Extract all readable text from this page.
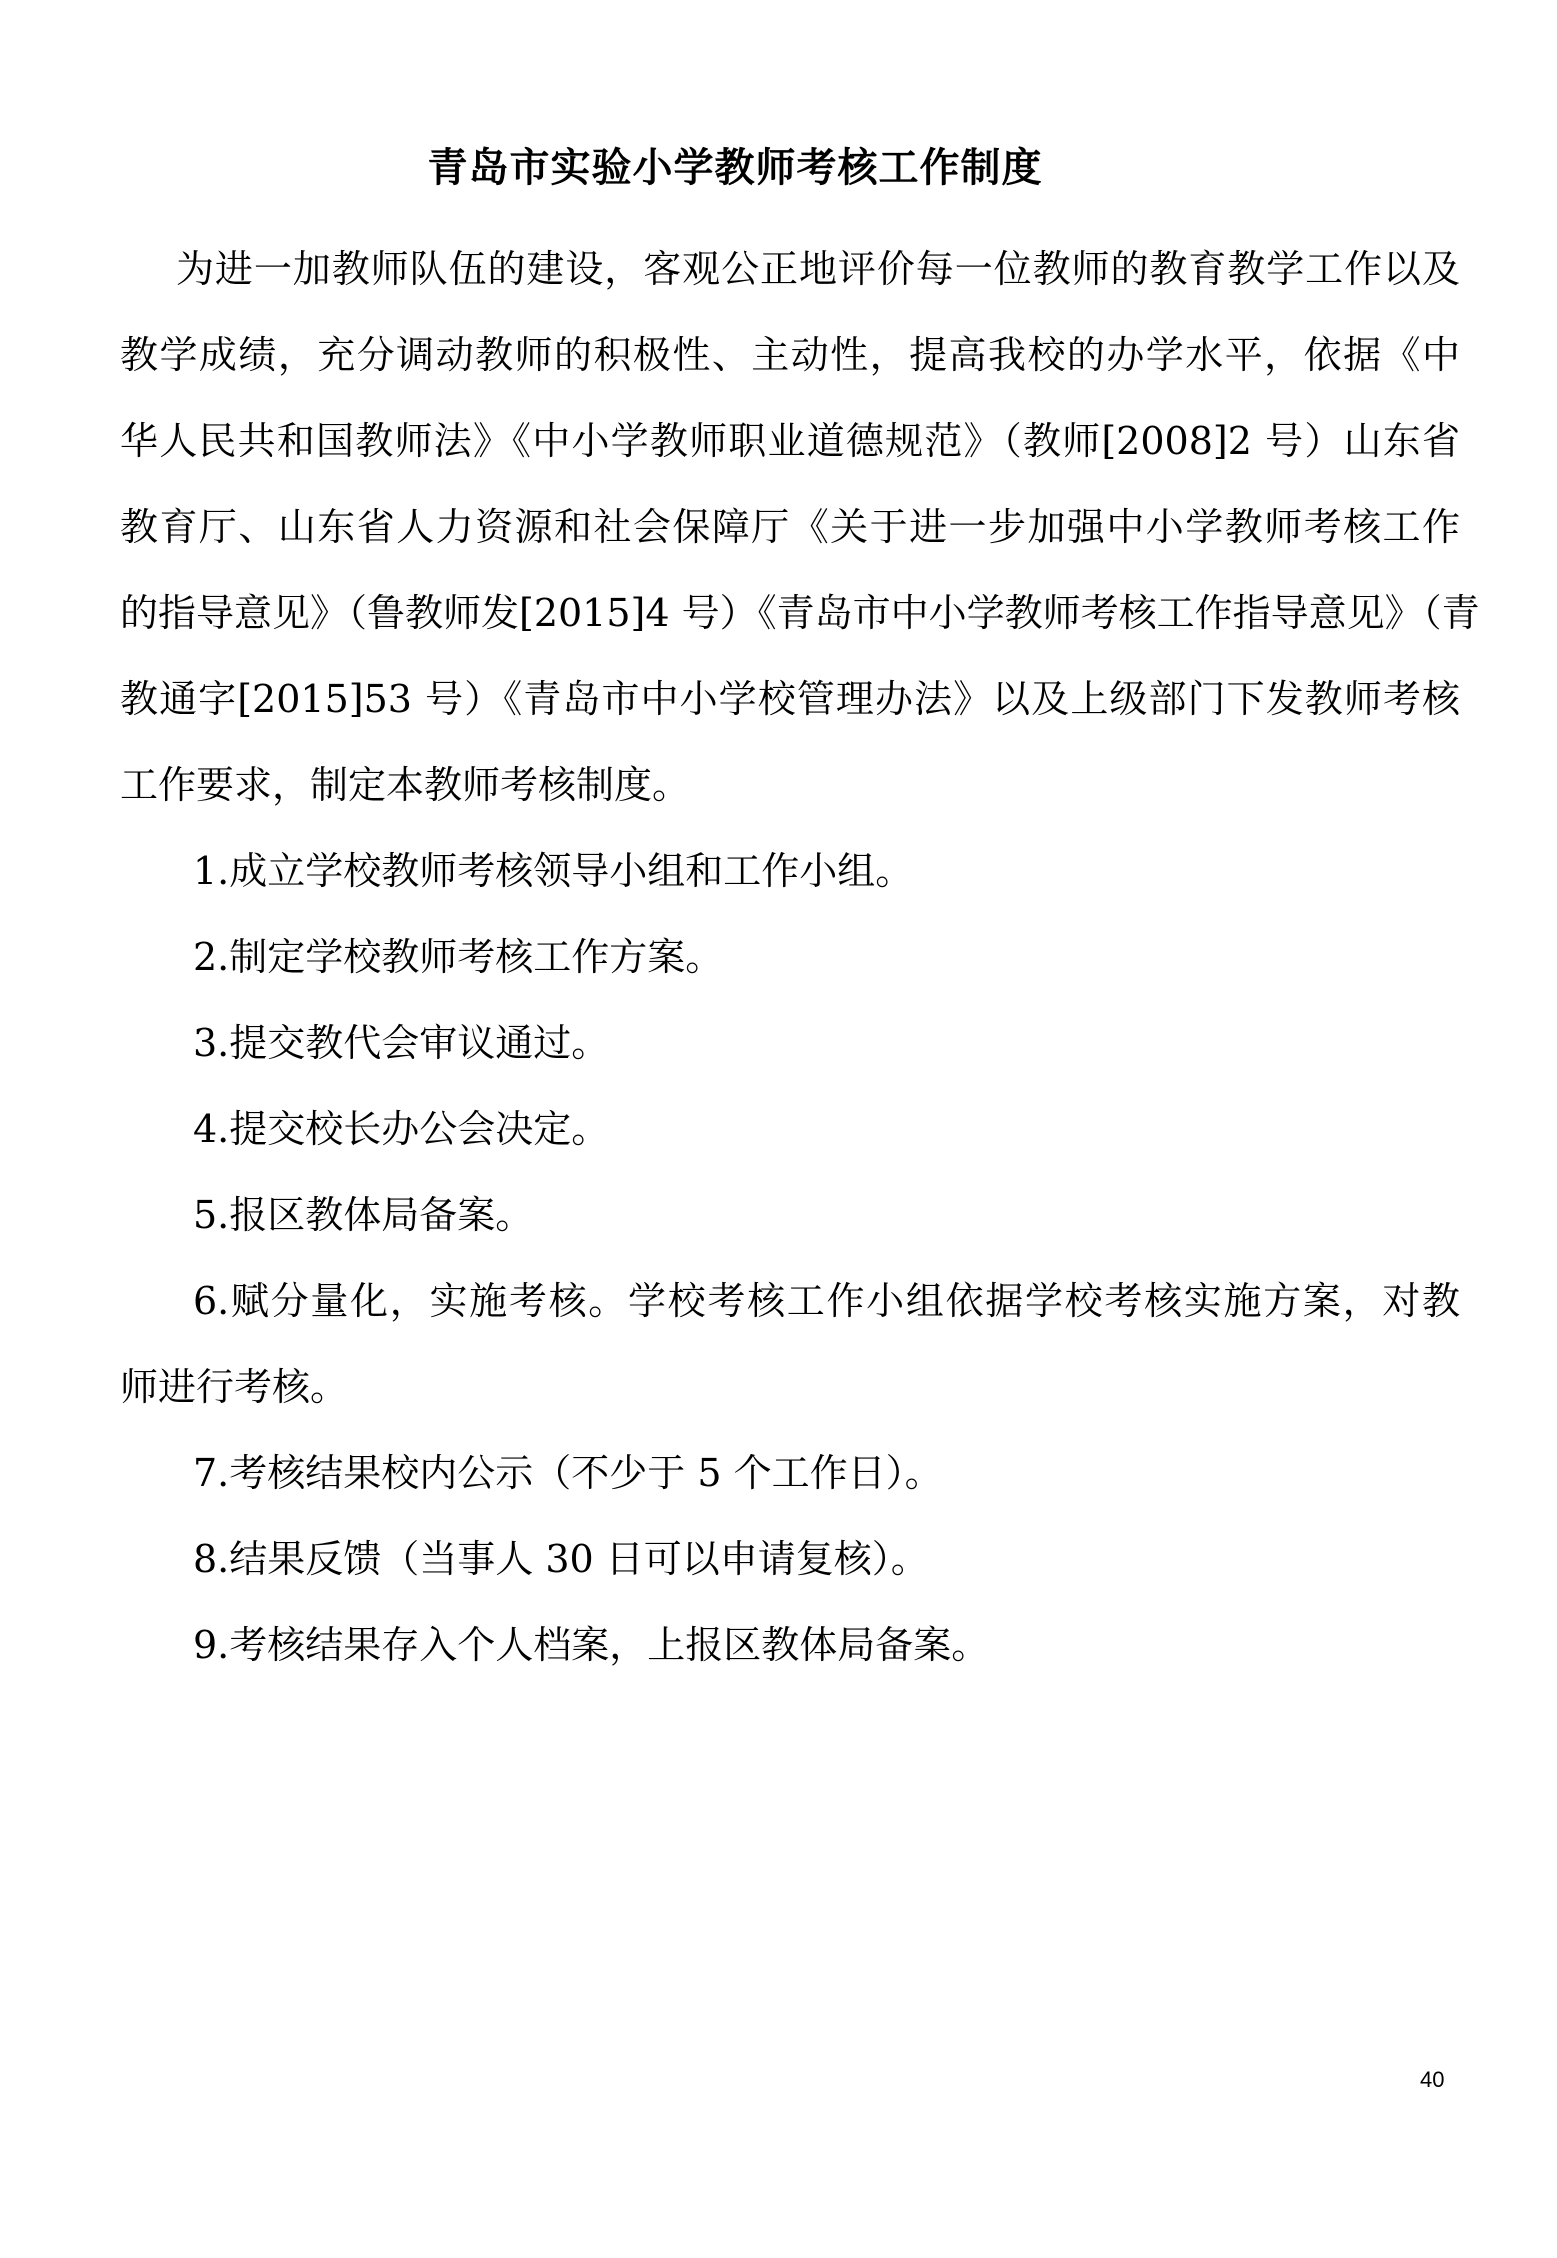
青岛市实验小学教师考核工作制度
为进一加教师队伍的建设，客观公正地评价每一位教师的教育教学工作以及
教学成绩，充分调动教师的积极性、主动性，提高我校的办学水平，依据《中
华人民共和国教师法》《中小学教师职业道德规范》（教师[2008]2 号）山东省
教育厅、山东省人力资源和社会保障厅《关于进一步加强中小学教师考核工作
的指导意见》（鲁教师发[2015]4 号）《青岛市中小学教师考核工作指导意见》（青
教通字[2015]53 号）《青岛市中小学校管理办法》以及上级部门下发教师考核
工作要求，制定本教师考核制度。
1.成立学校教师考核领导小组和工作小组。
2.制定学校教师考核工作方案。
3.提交教代会审议通过。
4.提交校长办公会决定。
5.报区教体局备案。
6.赋分量化，实施考核。学校考核工作小组依据学校考核实施方案，对教
师进行考核。
7.考核结果校内公示（不少于 5 个工作日）。
8.结果反馈（当事人 30 日可以申请复核）。
9.考核结果存入个人档案，上报区教体局备案。
40
